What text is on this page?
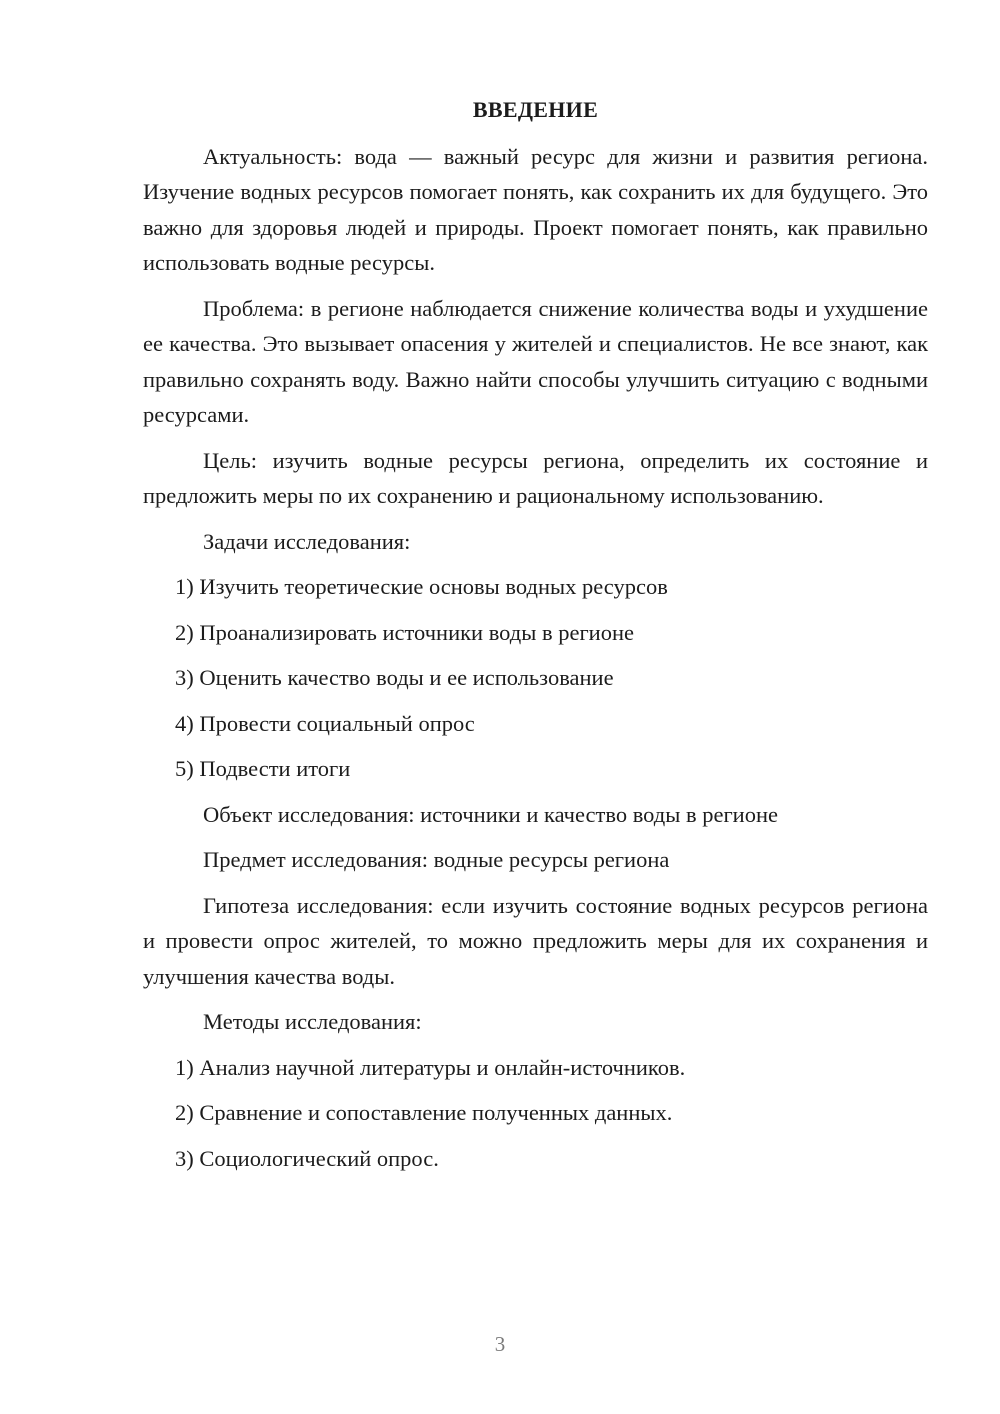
ВВЕДЕНИЕ

Актуальность: вода — важный ресурс для жизни и развития региона. Изучение водных ресурсов помогает понять, как сохранить их для будущего. Это важно для здоровья людей и природы. Проект помогает понять, как правильно использовать водные ресурсы.

Проблема: в регионе наблюдается снижение количества воды и ухудшение ее качества. Это вызывает опасения у жителей и специалистов. Не все знают, как правильно сохранять воду. Важно найти способы улучшить ситуацию с водными ресурсами.

Цель: изучить водные ресурсы региона, определить их состояние и предложить меры по их сохранению и рациональному использованию.

Задачи исследования:
1) Изучить теоретические основы водных ресурсов
2) Проанализировать источники воды в регионе
3) Оценить качество воды и ее использование
4) Провести социальный опрос
5) Подвести итоги
Объект исследования: источники и качество воды в регионе
Предмет исследования: водные ресурсы региона

Гипотеза исследования: если изучить состояние водных ресурсов региона и провести опрос жителей, то можно предложить меры для их сохранения и улучшения качества воды.

Методы исследования:
1) Анализ научной литературы и онлайн-источников.
2) Сравнение и сопоставление полученных данных.
3) Социологический опрос.
3
